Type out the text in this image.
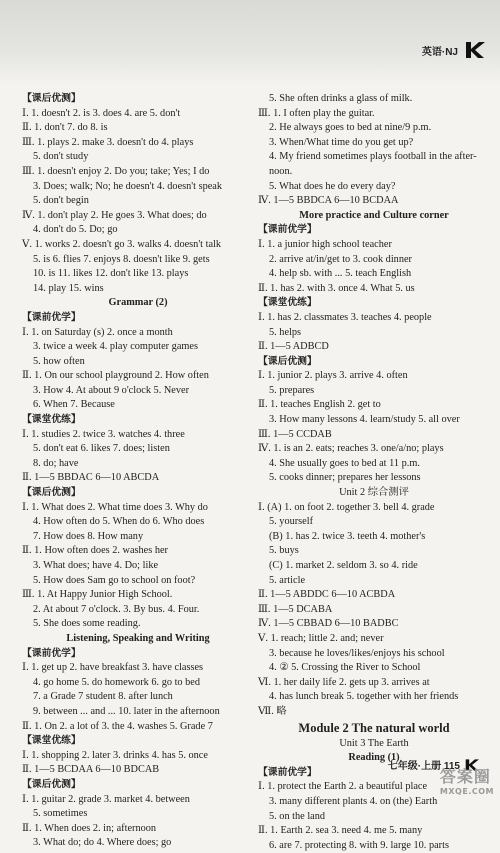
英语·NJ
【课后优测】
Ⅰ. 1. doesn't 2. is 3. does 4. are 5. don't
Ⅱ. 1. don't 7. do 8. is
Ⅲ. 1. plays 2. make 3. doesn't do 4. plays
5. don't study
Ⅲ. 1. doesn't enjoy 2. Do you; take; Yes; I do
3. Does; walk; No; he doesn't 4. doesn't speak
5. don't begin
Ⅳ. 1. don't play 2. He goes 3. What does; do
4. don't do 5. Do; go
Ⅴ. 1. works 2. doesn't go 3. walks 4. doesn't talk
5. is 6. flies 7. enjoys 8. doesn't like 9. gets
10. is 11. likes 12. don't like 13. plays
14. play 15. wins
Grammar (2)
【课前优学】
Ⅰ. 1. on Saturday (s) 2. once a month
3. twice a week 4. play computer games
5. how often
Ⅱ. 1. On our school playground 2. How often
3. How 4. At about 9 o'clock 5. Never
6. When 7. Because
【课堂优练】
Ⅰ. 1. studies 2. twice 3. watches 4. three
5. don't eat 6. likes 7. does; listen
8. do; have
Ⅱ. 1—5 BBDAC 6—10 ABCDA
【课后优测】
Ⅰ. 1. What does 2. What time does 3. Why do
4. How often do 5. When do 6. Who does
7. How does 8. How many
Ⅱ. 1. How often does 2. washes her
3. What does; have 4. Do; like
5. How does Sam go to school on foot?
Ⅲ. 1. At Happy Junior High School.
2. At about 7 o'clock. 3. By bus. 4. Four.
5. She does some reading.
Listening, Speaking and Writing
【课前优学】
Ⅰ. 1. get up 2. have breakfast 3. have classes
4. go home 5. do homework 6. go to bed
7. a Grade 7 student 8. after lunch
9. between ... and ... 10. later in the afternoon
Ⅱ. 1. On 2. a lot of 3. the 4. washes 5. Grade 7
【课堂优练】
Ⅰ. 1. shopping 2. later 3. drinks 4. has 5. once
Ⅱ. 1—5 BCDAA 6—10 BDCAB
【课后优测】
Ⅰ. 1. guitar 2. grade 3. market 4. between
5. sometimes
Ⅱ. 1. When does 2. in; afternoon
3. What do; do 4. Where does; go
5. She often drinks a glass of milk.
Ⅲ. 1. I often play the guitar.
2. He always goes to bed at nine/9 p.m.
3. When/What time do you get up?
4. My friend sometimes plays football in the after-
noon.
5. What does he do every day?
Ⅳ. 1—5 BBDCA 6—10 BCDAA
More practice and Culture corner
【课前优学】
Ⅰ. 1. a junior high school teacher
2. arrive at/in/get to 3. cook dinner
4. help sb. with ... 5. teach English
Ⅱ. 1. has 2. with 3. once 4. What 5. us
【课堂优练】
Ⅰ. 1. has 2. classmates 3. teaches 4. people
5. helps
Ⅱ. 1—5 ADBCD
【课后优测】
Ⅰ. 1. junior 2. plays 3. arrive 4. often
5. prepares
Ⅱ. 1. teaches English 2. get to
3. How many lessons 4. learn/study 5. all over
Ⅲ. 1—5 CCDAB
Ⅳ. 1. is an 2. eats; reaches 3. one/a/no; plays
4. She usually goes to bed at 11 p.m.
5. cooks dinner; prepares her lessons
Unit 2 综合测评
Ⅰ. (A) 1. on foot 2. together 3. bell 4. grade
5. yourself
(B) 1. has 2. twice 3. teeth 4. mother's
5. buys
(C) 1. market 2. seldom 3. so 4. ride
5. article
Ⅱ. 1—5 ABDDC 6—10 ACBDA
Ⅲ. 1—5 DCABA
Ⅳ. 1—5 CBBAD 6—10 BADBC
Ⅴ. 1. reach; little 2. and; never
3. because he loves/likes/enjoys his school
4. ② 5. Crossing the River to School
Ⅵ. 1. her daily life 2. gets up 3. arrives at
4. has lunch break 5. together with her friends
Ⅶ. 略
Module 2 The natural world
Unit 3 The Earth
Reading (1)
【课前优学】
Ⅰ. 1. protect the Earth 2. a beautiful place
3. many different plants 4. on (the) Earth
5. on the land
Ⅱ. 1. Earth 2. sea 3. need 4. me 5. many
6. are 7. protecting 8. with 9. large 10. parts
七年级·上册 115
答案圈
MXQE.COM
